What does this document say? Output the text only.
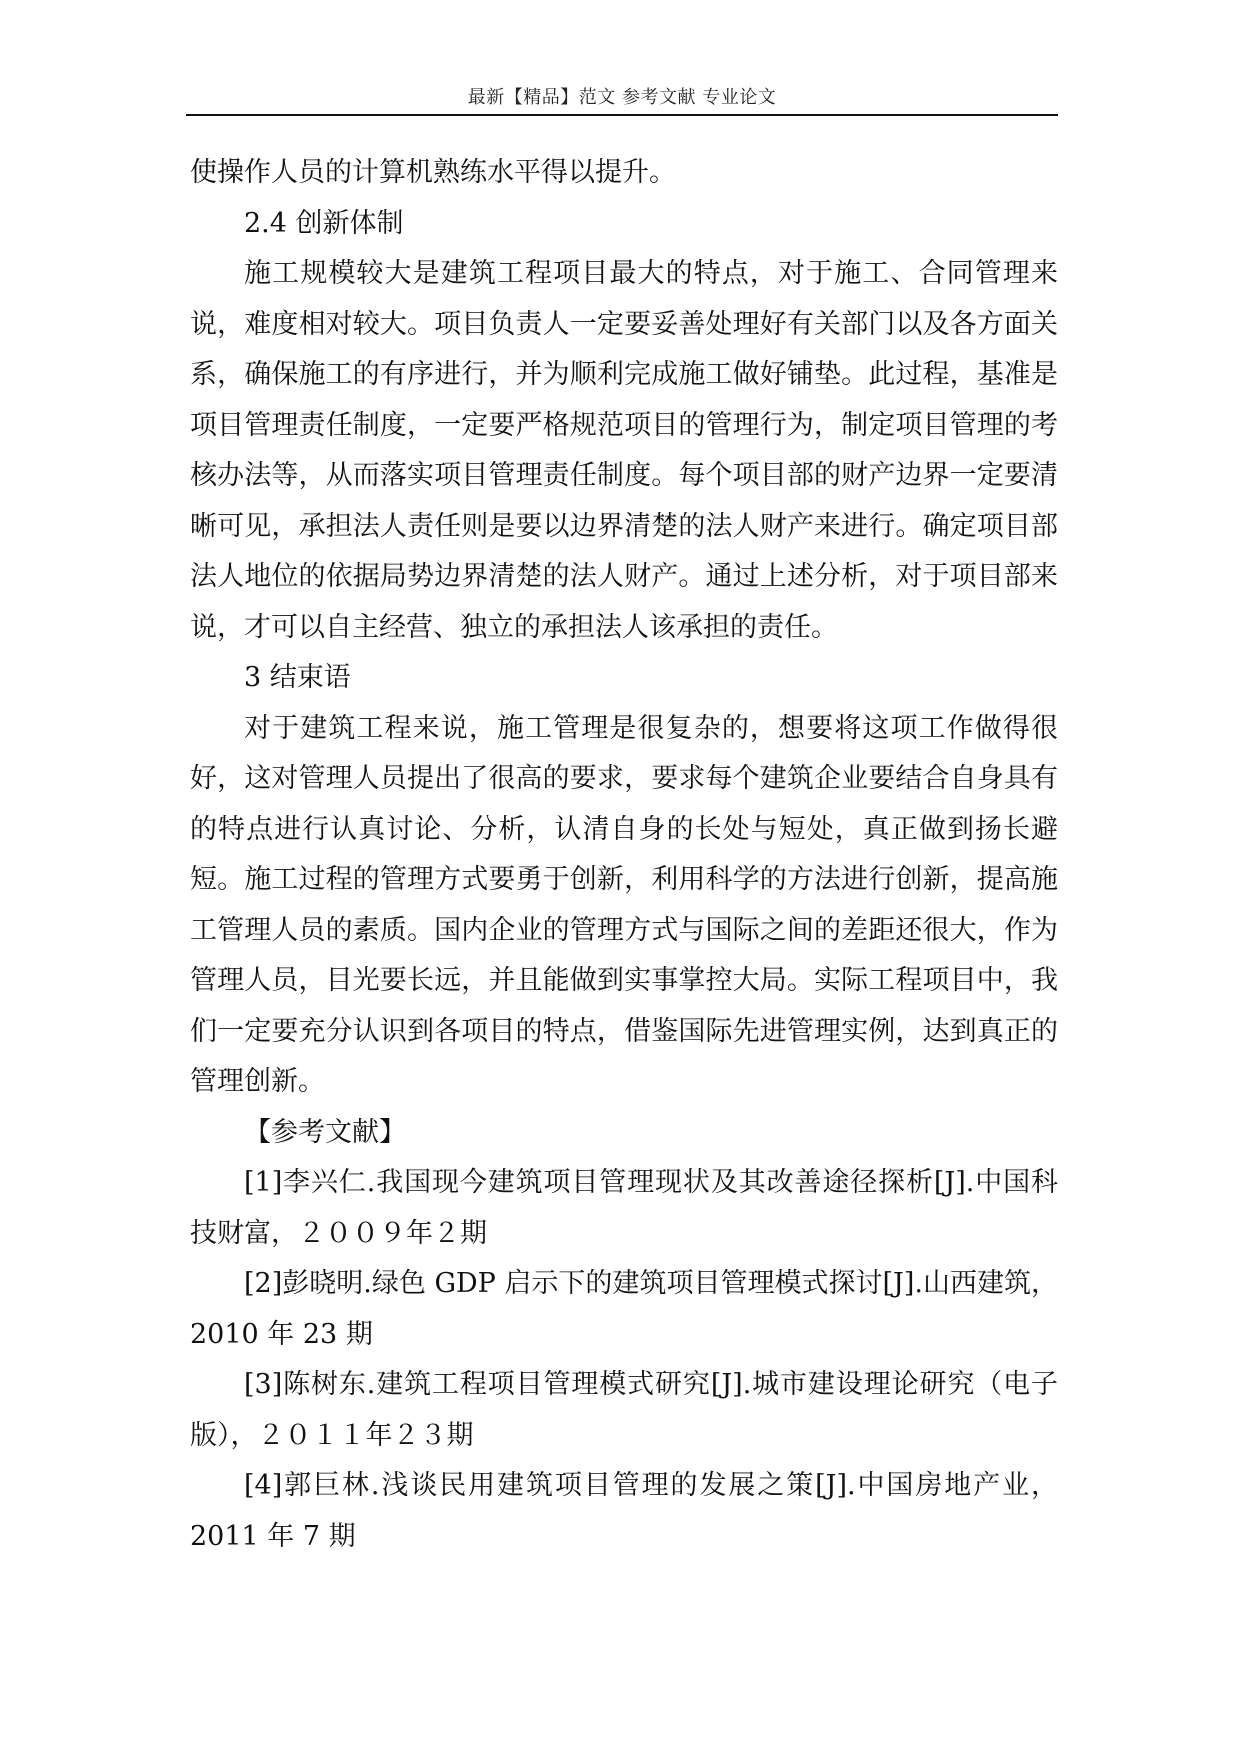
最新【精品】范文 参考文献 专业论文

使操作人员的计算机熟练水平得以提升。

2.4 创新体制

施工规模较大是建筑工程项目最大的特点，对于施工、合同管理来说，难度相对较大。项目负责人一定要妥善处理好有关部门以及各方面关系，确保施工的有序进行，并为顺利完成施工做好铺垫。此过程，基准是项目管理责任制度，一定要严格规范项目的管理行为，制定项目管理的考核办法等，从而落实项目管理责任制度。每个项目部的财产边界一定要清晰可见，承担法人责任则是要以边界清楚的法人财产来进行。确定项目部法人地位的依据局势边界清楚的法人财产。通过上述分析，对于项目部来说，才可以自主经营、独立的承担法人该承担的责任。

3 结束语

对于建筑工程来说，施工管理是很复杂的，想要将这项工作做得很好，这对管理人员提出了很高的要求，要求每个建筑企业要结合自身具有的特点进行认真讨论、分析，认清自身的长处与短处，真正做到扬长避短。施工过程的管理方式要勇于创新，利用科学的方法进行创新，提高施工管理人员的素质。国内企业的管理方式与国际之间的差距还很大，作为管理人员，目光要长远，并且能做到实事掌控大局。实际工程项目中，我们一定要充分认识到各项目的特点，借鉴国际先进管理实例，达到真正的管理创新。

【参考文献】

[1]李兴仁.我国现今建筑项目管理现状及其改善途径探析[J].中国科技财富，２００９年２期

[2]彭晓明.绿色 GDP 启示下的建筑项目管理模式探讨[J].山西建筑，2010 年 23 期

[3]陈树东.建筑工程项目管理模式研究[J].城市建设理论研究（电子版），２０１１年２３期

[4]郭巨林.浅谈民用建筑项目管理的发展之策[J].中国房地产业，2011 年 7 期
